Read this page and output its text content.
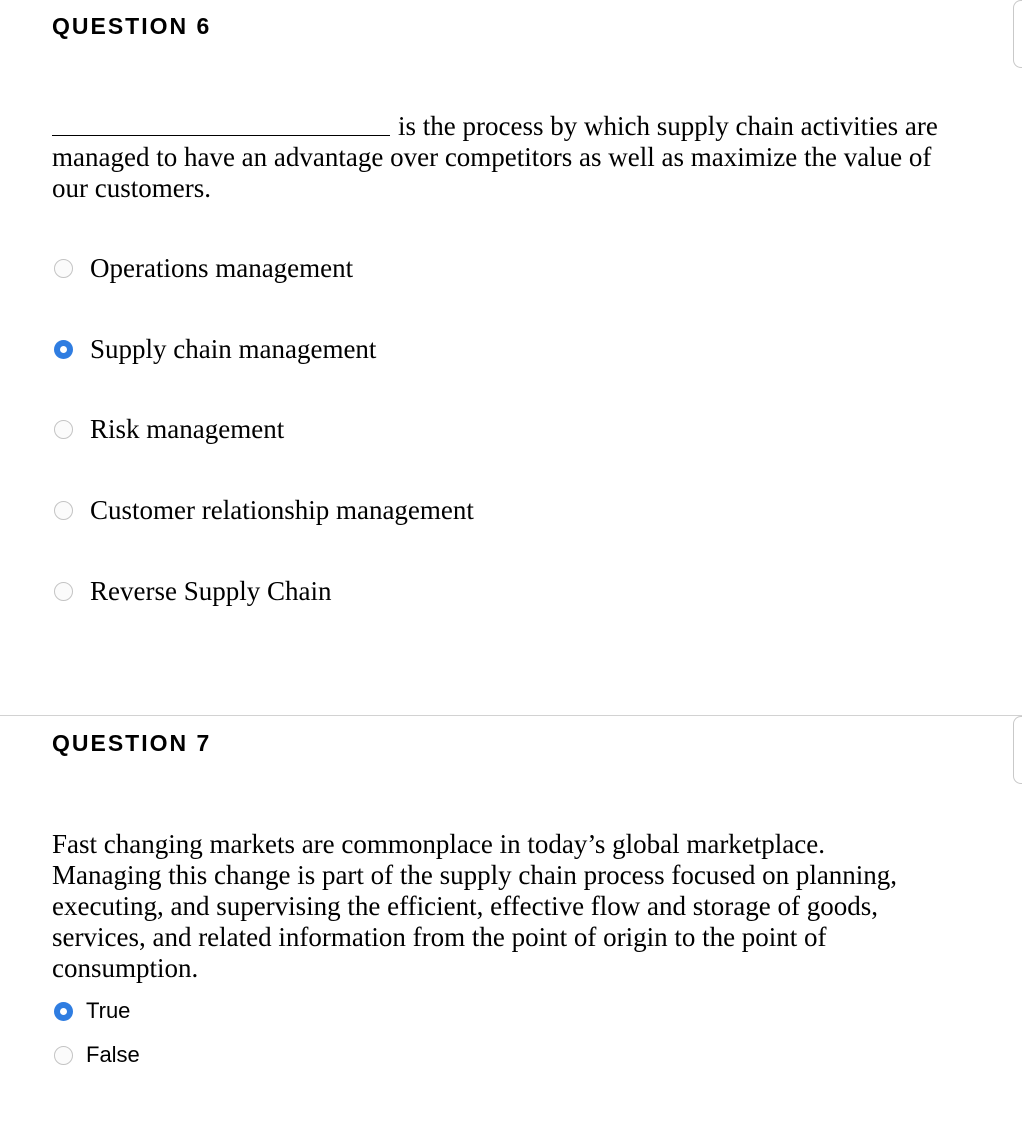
QUESTION 6
is the process by which supply chain activities are
managed to have an advantage over competitors as well as maximize the value of
our customers.
Operations management
Supply chain management
Risk management
Customer relationship management
Reverse Supply Chain
QUESTION 7
Fast changing markets are commonplace in today’s global marketplace.
Managing this change is part of the supply chain process focused on planning,
executing, and supervising the efficient, effective flow and storage of goods,
services, and related information from the point of origin to the point of
consumption.
True
False
